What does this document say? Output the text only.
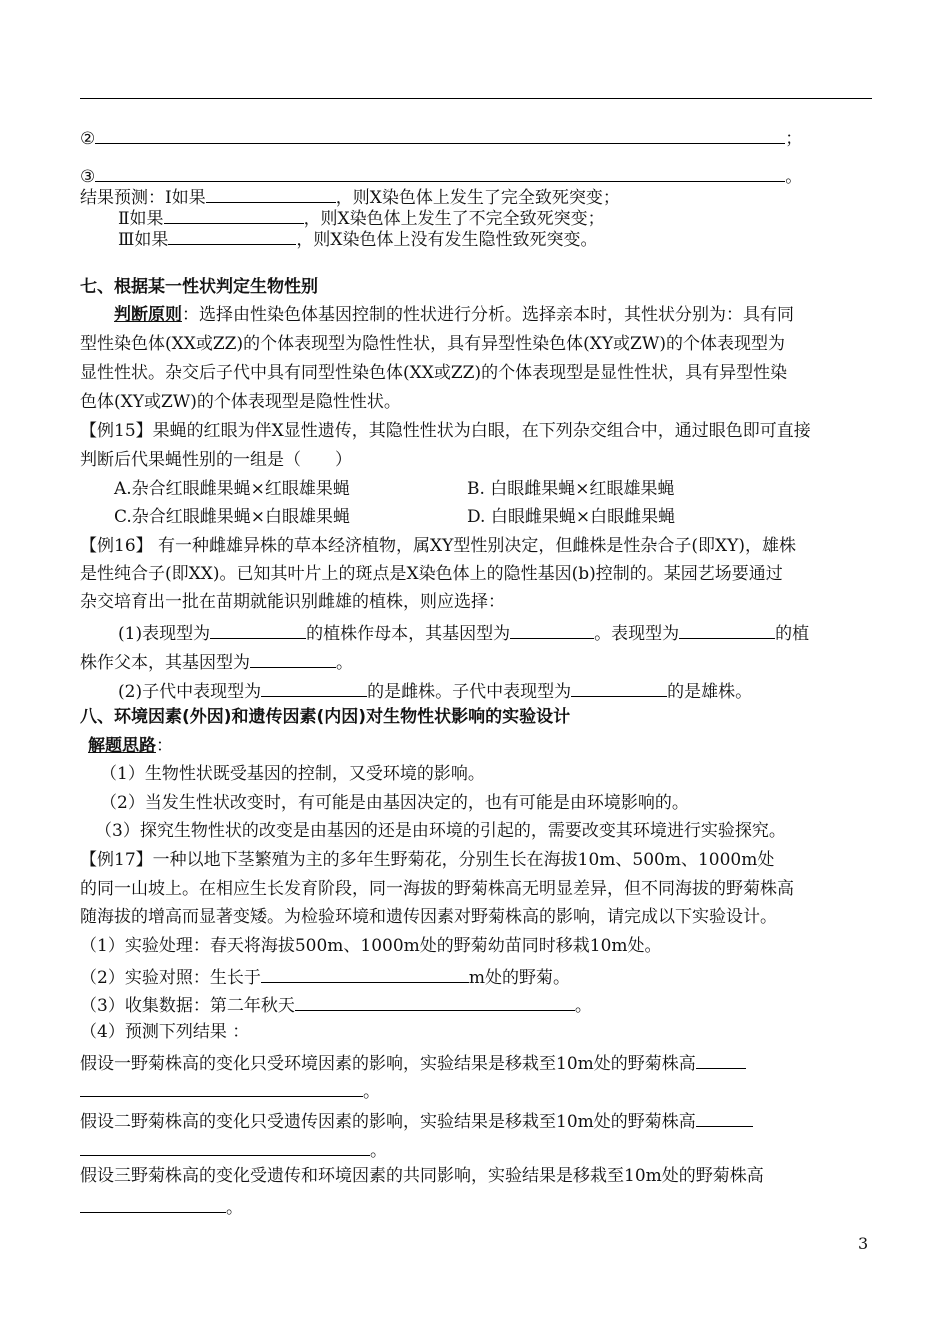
②	；
③	。
结果预测：Ⅰ如果	，则X染色体上发生了完全致死突变；
Ⅱ如果	，则X染色体上发生了不完全致死突变；
Ⅲ如果	，则X染色体上没有发生隐性致死突变。
七、根据某一性状判定生物性别
判断原则：选择由性染色体基因控制的性状进行分析。选择亲本时，其性状分别为：具有同
型性染色体(XX或ZZ)的个体表现型为隐性性状，具有异型性染色体(XY或ZW)的个体表现型为
显性性状。杂交后子代中具有同型性染色体(XX或ZZ)的个体表现型是显性性状，具有异型性染
色体(XY或ZW)的个体表现型是隐性性状。
【例15】果蝇的红眼为伴X显性遗传，其隐性性状为白眼，在下列杂交组合中，通过眼色即可直接
判断后代果蝇性别的一组是（　　）
A.杂合红眼雌果蝇×红眼雄果蝇	B. 白眼雌果蝇×红眼雄果蝇
C.杂合红眼雌果蝇×白眼雄果蝇	D. 白眼雌果蝇×白眼雌果蝇
【例16】 有一种雌雄异株的草本经济植物，属XY型性别决定，但雌株是性杂合子(即XY)，雄株
是性纯合子(即XX)。已知其叶片上的斑点是X染色体上的隐性基因(b)控制的。某园艺场要通过
杂交培育出一批在苗期就能识别雌雄的植株，则应选择：
(1)表现型为	的植株作母本，其基因型为	。表现型为	的植
株作父本，其基因型为	。
(2)子代中表现型为	的是雌株。子代中表现型为	的是雄株。
八、环境因素(外因)和遗传因素(内因)对生物性状影响的实验设计
解题思路：
（1）生物性状既受基因的控制，又受环境的影响。
（2）当发生性状改变时，有可能是由基因决定的，也有可能是由环境影响的。
（3）探究生物性状的改变是由基因的还是由环境的引起的，需要改变其环境进行实验探究。
【例17】一种以地下茎繁殖为主的多年生野菊花，分别生长在海拔10m、500m、1000m处
的同一山坡上。在相应生长发育阶段，同一海拔的野菊株高无明显差异，但不同海拔的野菊株高
随海拔的增高而显著变矮。为检验环境和遗传因素对野菊株高的影响，请完成以下实验设计。
（1）实验处理：春天将海拔500m、1000m处的野菊幼苗同时移栽10m处。
（2）实验对照：生长于	m处的野菊。
（3）收集数据：第二年秋天	。
（4）预测下列结果 ：
假设一野菊株高的变化只受环境因素的影响，实验结果是移栽至10m处的野菊株高
。
假设二野菊株高的变化只受遗传因素的影响，实验结果是移栽至10m处的野菊株高
。
假设三野菊株高的变化受遗传和环境因素的共同影响，实验结果是移栽至10m处的野菊株高
。
3
